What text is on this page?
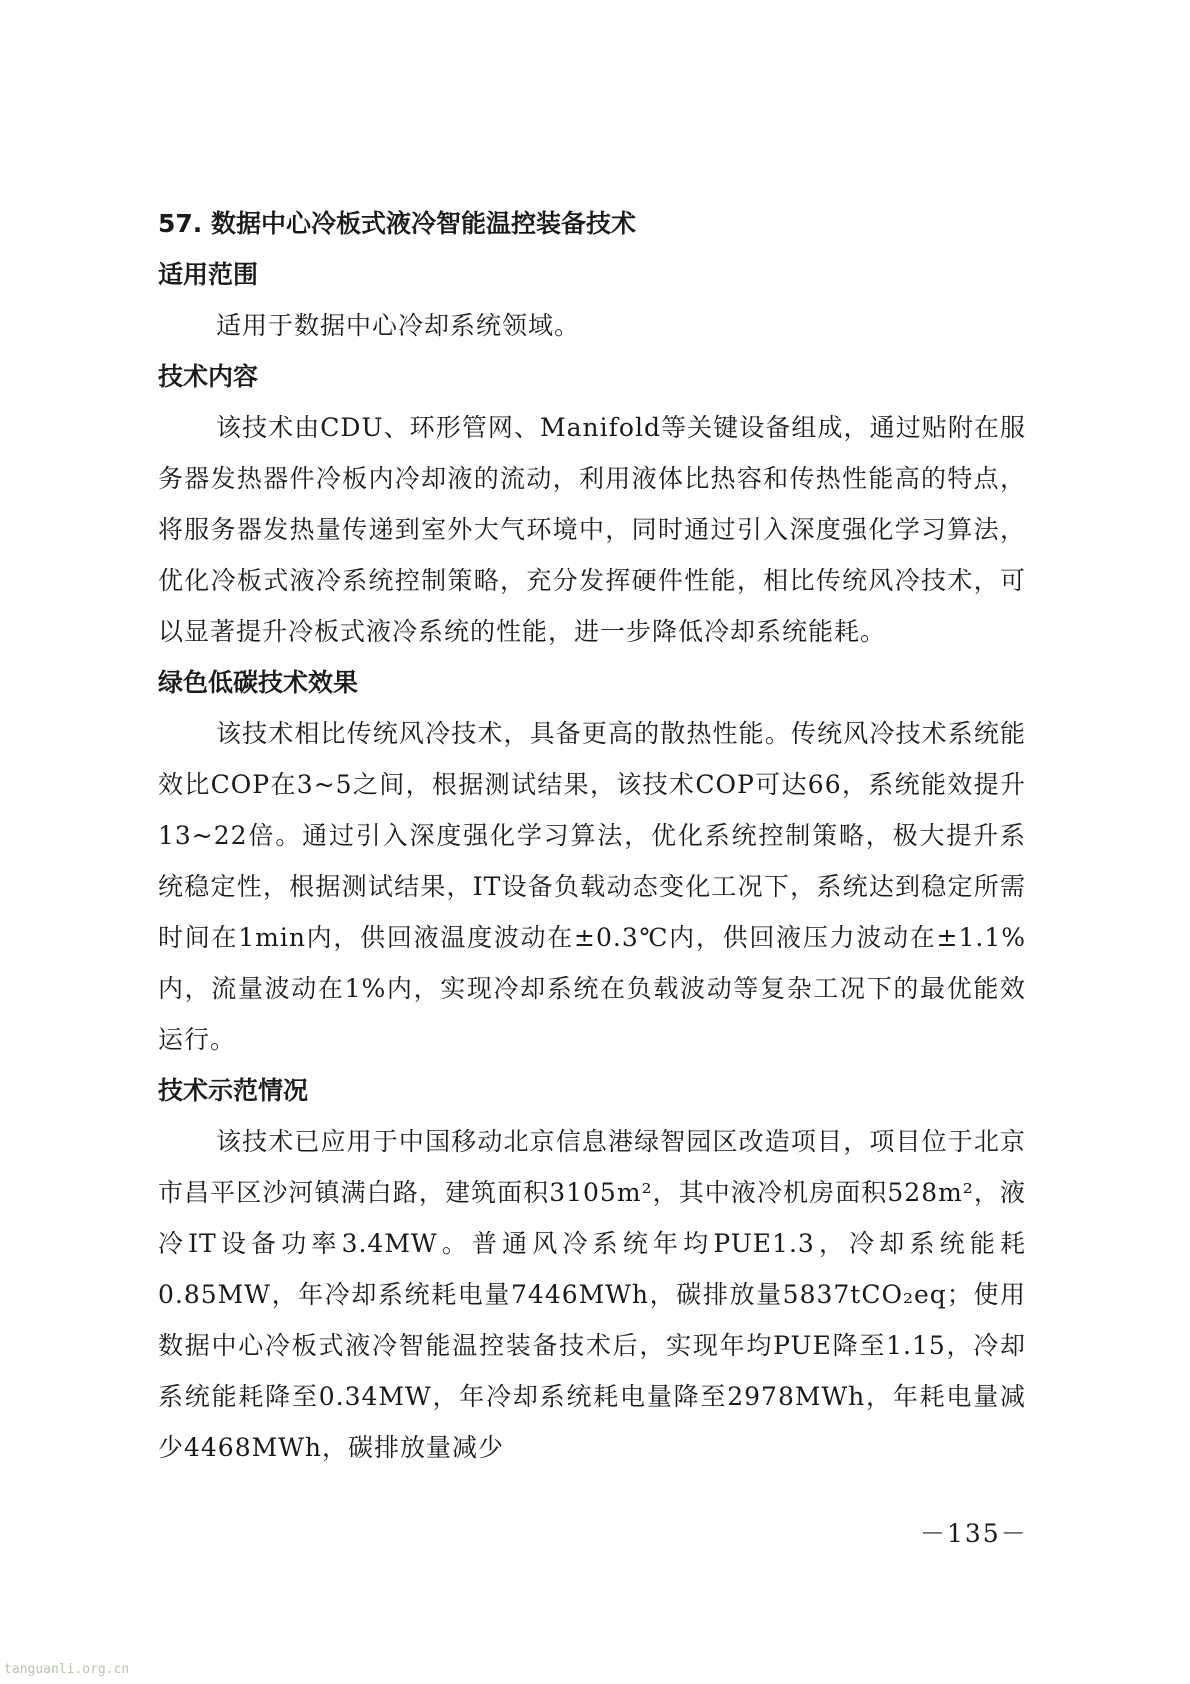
57. 数据中心冷板式液冷智能温控装备技术
适用范围

适用于数据中心冷却系统领域。

技术内容

该技术由CDU、环形管网、Manifold等关键设备组成，通过贴附在服务器发热器件冷板内冷却液的流动，利用液体比热容和传热性能高的特点，将服务器发热量传递到室外大气环境中，同时通过引入深度强化学习算法，优化冷板式液冷系统控制策略，充分发挥硬件性能，相比传统风冷技术，可以显著提升冷板式液冷系统的性能，进一步降低冷却系统能耗。

绿色低碳技术效果

该技术相比传统风冷技术，具备更高的散热性能。传统风冷技术系统能效比COP在3~5之间，根据测试结果，该技术COP可达66，系统能效提升13~22倍。通过引入深度强化学习算法，优化系统控制策略，极大提升系统稳定性，根据测试结果，IT设备负载动态变化工况下，系统达到稳定所需时间在1min内，供回液温度波动在±0.3℃内，供回液压力波动在±1.1%内，流量波动在1%内，实现冷却系统在负载波动等复杂工况下的最优能效运行。

技术示范情况

该技术已应用于中国移动北京信息港绿智园区改造项目，项目位于北京市昌平区沙河镇满白路，建筑面积3105m²，其中液冷机房面积528m²，液冷IT设备功率3.4MW。普通风冷系统年均PUE1.3，冷却系统能耗0.85MW，年冷却系统耗电量7446MWh，碳排放量5837tCO₂eq；使用数据中心冷板式液冷智能温控装备技术后，实现年均PUE降至1.15，冷却系统能耗降至0.34MW，年冷却系统耗电量降至2978MWh，年耗电量减少4468MWh，碳排放量减少

－135－
tanguanli.org.cn
